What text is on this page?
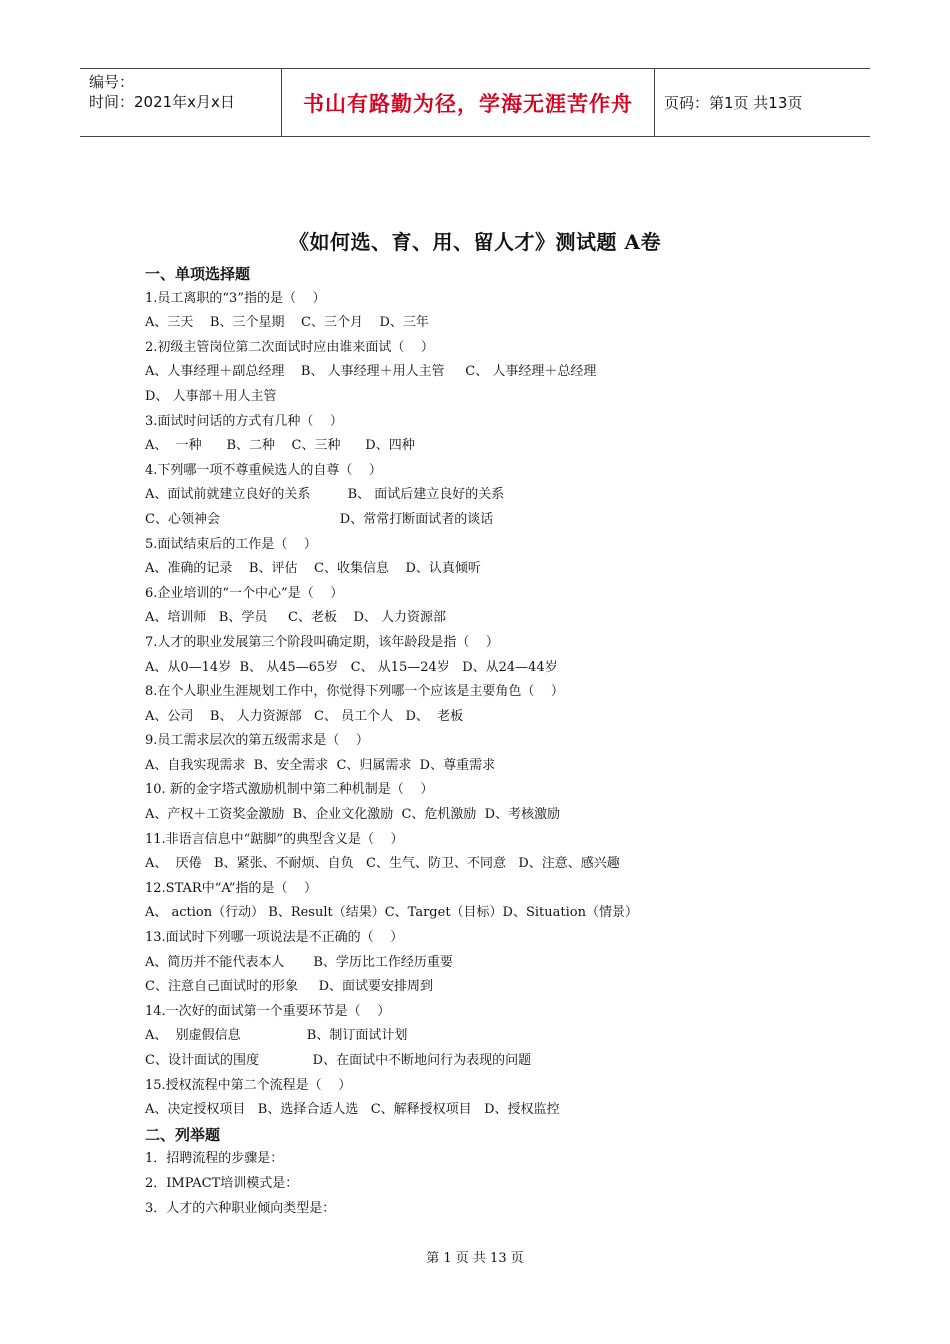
编号：
时间：2021年x月x日	书山有路勤为径，学海无涯苦作舟	页码：第1页 共13页
《如何选、育、用、留人才》测试题 A卷
一、单项选择题
1.员工离职的“3”指的是（    ）
A、三天    B、三个星期    C、三个月    D、三年
2.初级主管岗位第二次面试时应由谁来面试（    ）
A、人事经理＋副总经理    B、 人事经理＋用人主管     C、 人事经理＋总经理
D、 人事部＋用人主管
3.面试时问话的方式有几种（    ）
A、  一种      B、二种    C、三种      D、四种
4.下列哪一项不尊重候选人的自尊（    ）
A、面试前就建立良好的关系         B、 面试后建立良好的关系
C、心领神会                             D、常常打断面试者的谈话
5.面试结束后的工作是（    ）
A、准确的记录    B、评估    C、收集信息    D、认真倾听
6.企业培训的“一个中心”是（    ）
A、培训师   B、学员     C、老板    D、 人力资源部
7.人才的职业发展第三个阶段叫确定期，该年龄段是指（    ）
A、从0—14岁  B、 从45—65岁   C、 从15—24岁   D、从24—44岁
8.在个人职业生涯规划工作中，你觉得下列哪一个应该是主要角色（    ）
A、公司    B、 人力资源部   C、 员工个人   D、  老板
9.员工需求层次的第五级需求是（    ）
A、自我实现需求  B、安全需求  C、归属需求  D、尊重需求
10. 新的金字塔式激励机制中第二种机制是（    ）
A、产权＋工资奖金激励  B、企业文化激励  C、危机激励  D、考核激励
11.非语言信息中“踮脚”的典型含义是（    ）
A、  厌倦   B、紧张、不耐烦、自负   C、生气、防卫、不同意   D、注意、感兴趣
12.STAR中“A”指的是（    ）
A、 action（行动） B、Result（结果）C、Target（目标）D、Situation（情景）
13.面试时下列哪一项说法是不正确的（    ）
A、简历并不能代表本人       B、学历比工作经历重要
C、注意自己面试时的形象     D、面试要安排周到
14.一次好的面试第一个重要环节是（    ）
A、  别虚假信息                B、制订面试计划
C、设计面试的围度             D、在面试中不断地问行为表现的问题
15.授权流程中第二个流程是（    ）
A、决定授权项目   B、选择合适人选   C、解释授权项目   D、授权监控
二、列举题
1．招聘流程的步骤是：
2．IMPACT培训模式是：
3．人才的六种职业倾向类型是：
第 1 页 共 13 页
